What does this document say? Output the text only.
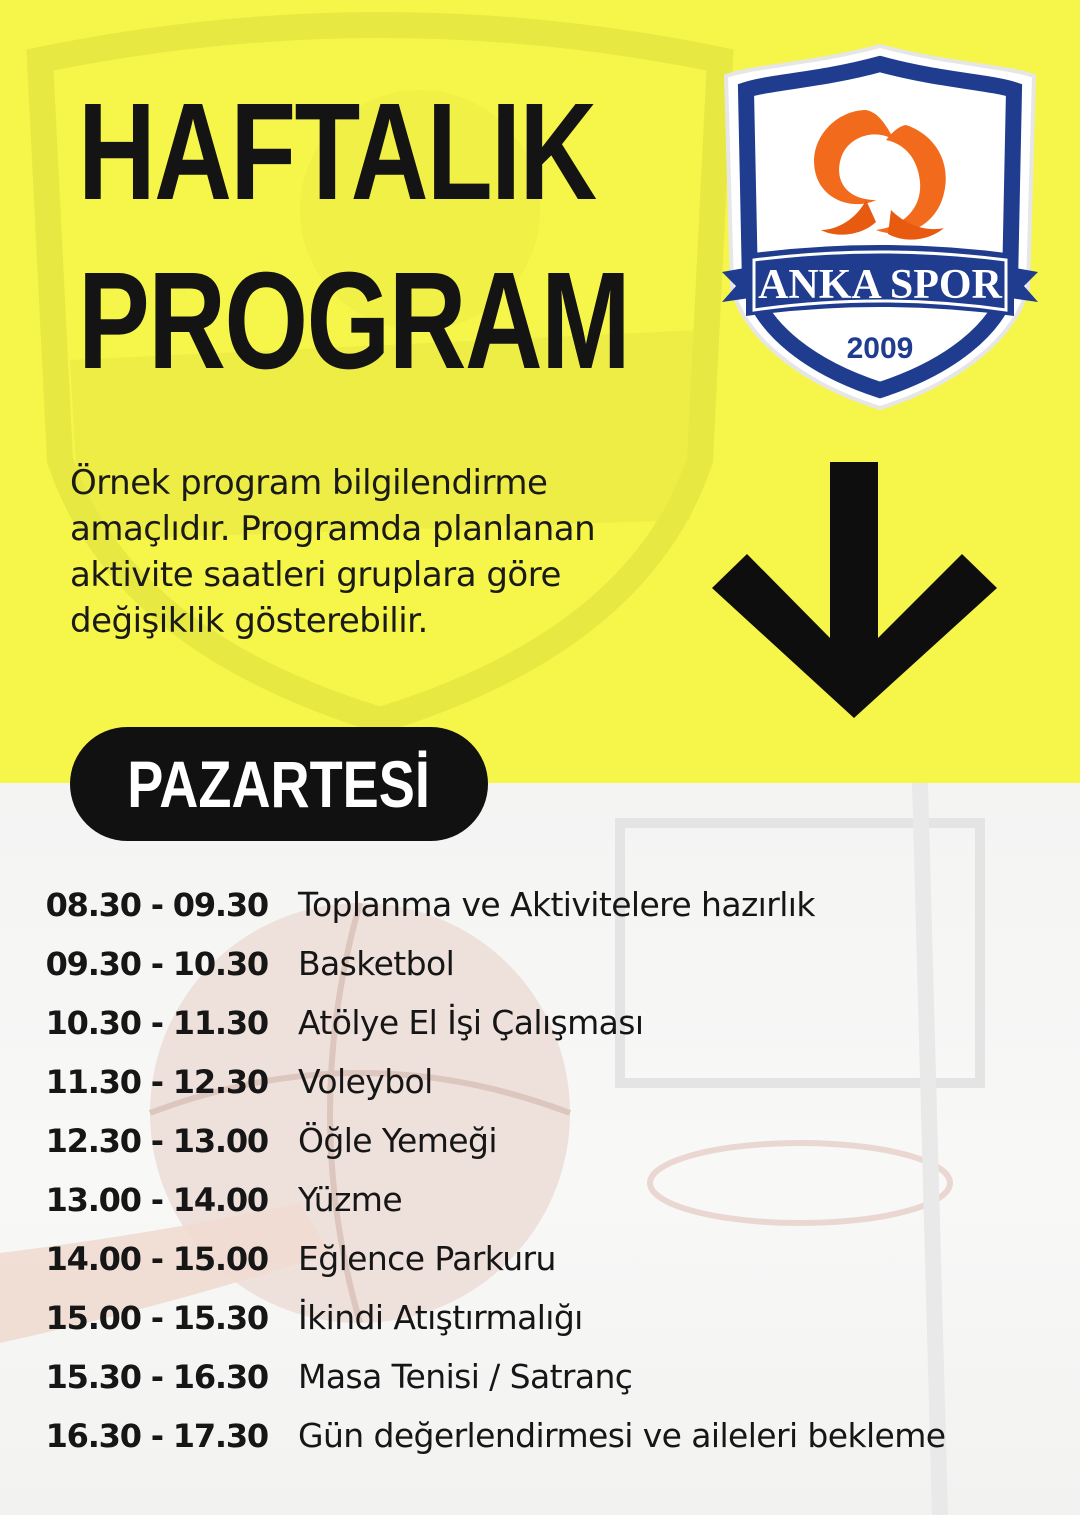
HAFTALIK
PROGRAM	ANKA SPOR
2009

Örnek program bilgilendirme
amaçlıdır. Programda planlanan
aktivite saatleri gruplara göre
değişiklik gösterebilir.

PAZARTESİ
08.30 - 09.30 Toplanma ve Aktivitelere hazırlık
09.30 - 10.30 Basketbol
10.30 - 11.30 Atölye El İşi Çalışması
11.30 - 12.30 Voleybol
12.30 - 13.00 Öğle Yemeği
13.00 - 14.00 Yüzme
14.00 - 15.00 Eğlence Parkuru
15.00 - 15.30 İkindi Atıştırmalığı
15.30 - 16.30 Masa Tenisi / Satranç
16.30 - 17.30 Gün değerlendirmesi ve aileleri bekleme
